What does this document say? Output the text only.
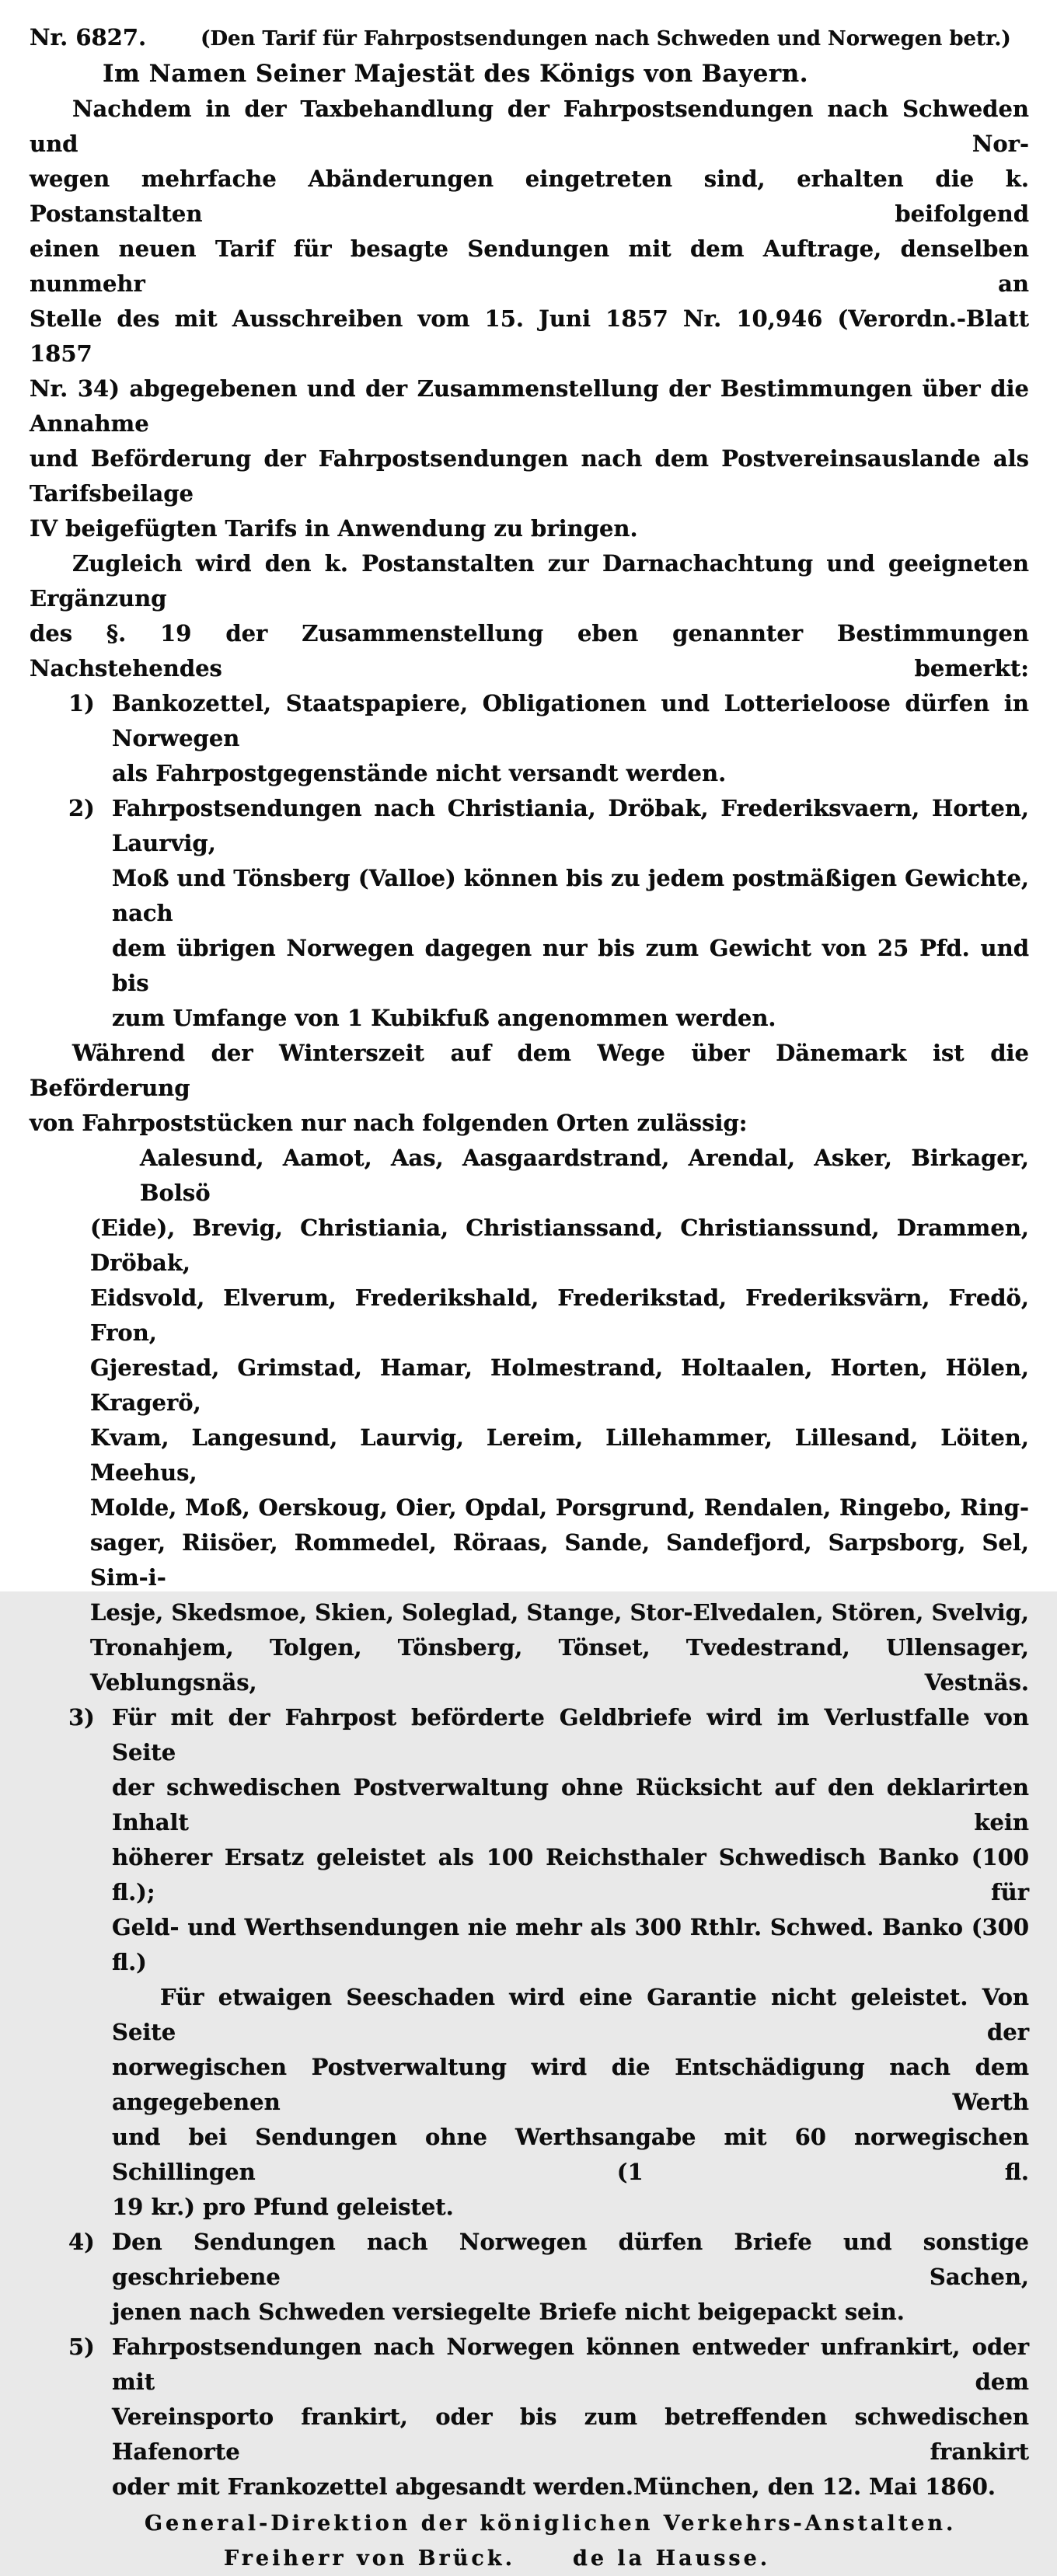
Nr. 6827.	(Den Tarif für Fahrpostsendungen nach Schweden und Norwegen betr.)
Im Namen Seiner Majestät des Königs von Bayern.
Nachdem in der Taxbehandlung der Fahrpostsendungen nach Schweden und Nor-
wegen mehrfache Abänderungen eingetreten sind, erhalten die k. Postanstalten beifolgend
einen neuen Tarif für besagte Sendungen mit dem Auftrage, denselben nunmehr an
Stelle des mit Ausschreiben vom 15. Juni 1857 Nr. 10,946 (Verordn.-Blatt 1857
Nr. 34) abgegebenen und der Zusammenstellung der Bestimmungen über die Annahme
und Beförderung der Fahrpostsendungen nach dem Postvereinsauslande als Tarifsbeilage
IV beigefügten Tarifs in Anwendung zu bringen.
Zugleich wird den k. Postanstalten zur Darnachachtung und geeigneten Ergänzung
des §. 19 der Zusammenstellung eben genannter Bestimmungen Nachstehendes bemerkt:
1) Bankozettel, Staatspapiere, Obligationen und Lotterieloose dürfen in Norwegen
als Fahrpostgegenstände nicht versandt werden.
2) Fahrpostsendungen nach Christiania, Dröbak, Frederiksvaern, Horten, Laurvig,
Moß und Tönsberg (Valloe) können bis zu jedem postmäßigen Gewichte, nach
dem übrigen Norwegen dagegen nur bis zum Gewicht von 25 Pfd. und bis
zum Umfange von 1 Kubikfuß angenommen werden.
Während der Winterszeit auf dem Wege über Dänemark ist die Beförderung
von Fahrpoststücken nur nach folgenden Orten zulässig:
Aalesund, Aamot, Aas, Aasgaardstrand, Arendal, Asker, Birkager, Bolsö
(Eide), Brevig, Christiania, Christianssand, Christianssund, Drammen, Dröbak,
Eidsvold, Elverum, Frederikshald, Frederikstad, Frederiksvärn, Fredö, Fron,
Gjerestad, Grimstad, Hamar, Holmestrand, Holtaalen, Horten, Hölen, Kragerö,
Kvam, Langesund, Laurvig, Lereim, Lillehammer, Lillesand, Löiten, Meehus,
Molde, Moß, Oerskoug, Oier, Opdal, Porsgrund, Rendalen, Ringebo, Ring-
sager, Riisöer, Rommedel, Röraas, Sande, Sandefjord, Sarpsborg, Sel, Sim-i-
Lesje, Skedsmoe, Skien, Soleglad, Stange, Stor-Elvedalen, Stören, Svelvig,
Tronahjem, Tolgen, Tönsberg, Tönset, Tvedestrand, Ullensager, Veblungsnäs, Vestnäs.
3) Für mit der Fahrpost beförderte Geldbriefe wird im Verlustfalle von Seite
der schwedischen Postverwaltung ohne Rücksicht auf den deklarirten Inhalt kein
höherer Ersatz geleistet als 100 Reichsthaler Schwedisch Banko (100 fl.); für
Geld- und Werthsendungen nie mehr als 300 Rthlr. Schwed. Banko (300 fl.)
Für etwaigen Seeschaden wird eine Garantie nicht geleistet. Von Seite der
norwegischen Postverwaltung wird die Entschädigung nach dem angegebenen Werth
und bei Sendungen ohne Werthsangabe mit 60 norwegischen Schillingen (1 fl.
19 kr.) pro Pfund geleistet.
4) Den Sendungen nach Norwegen dürfen Briefe und sonstige geschriebene Sachen,
jenen nach Schweden versiegelte Briefe nicht beigepackt sein.
5) Fahrpostsendungen nach Norwegen können entweder unfrankirt, oder mit dem
Vereinsporto frankirt, oder bis zum betreffenden schwedischen Hafenorte frankirt
oder mit Frankozettel abgesandt werden. München, den 12. Mai 1860.
General-Direktion der königlichen Verkehrs-Anstalten.
Freiherr von Brück.	de la Hausse.
